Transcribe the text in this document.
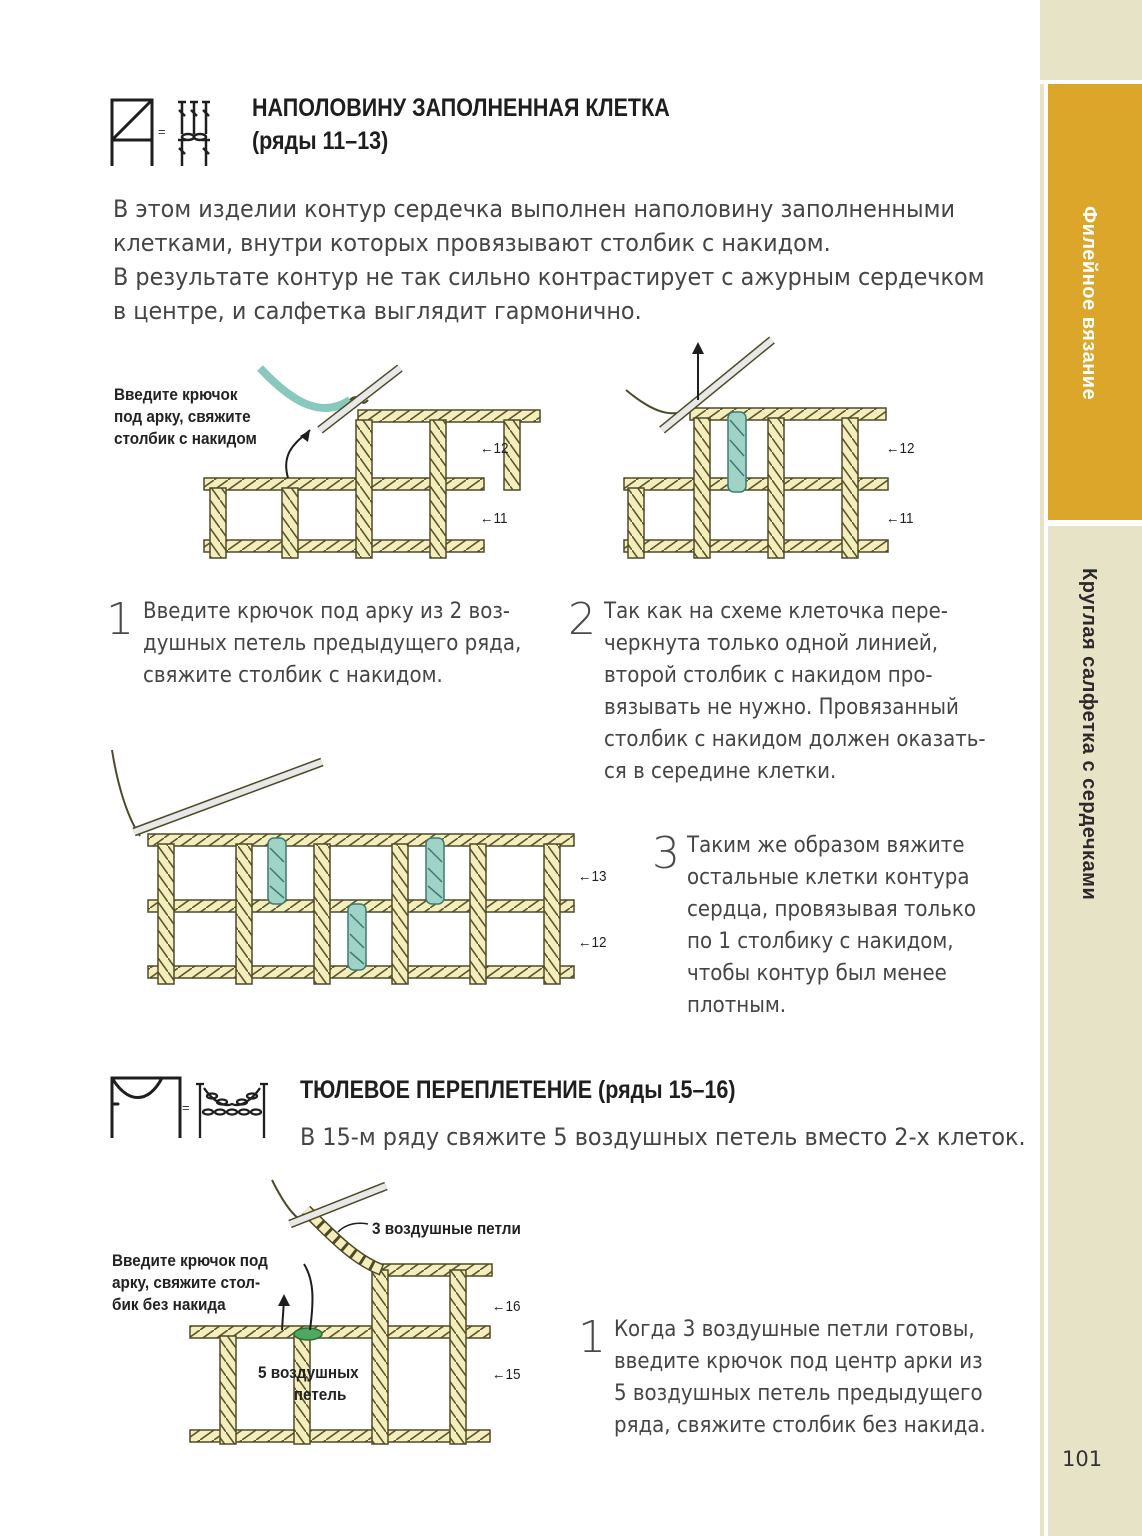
Филейное вязание
Круглая салфетка с сердечками
101
=
НАПОЛОВИНУ ЗАПОЛНЕННАЯ КЛЕТКА
(ряды 11–13)
В этом изделии контур сердечка выполнен наполовину заполненными
клетками, внутри которых провязывают столбик с накидом.
В результате контур не так сильно контрастирует с ажурным сердечком
в центре, и салфетка выглядит гармонично.
Введите крючок
под арку, свяжите
столбик с накидом
←12
←11
←12
←11
1 Введите крючок под арку из 2 воз-
душных петель предыдущего ряда,
свяжите столбик с накидом.
2 Так как на схеме клеточка пере-
черкнута только одной линией,
второй столбик с накидом про-
вязывать не нужно. Провязанный
столбик с накидом должен оказать-
ся в середине клетки.
←13
←12
3 Таким же образом вяжите
остальные клетки контура
сердца, провязывая только
по 1 столбику с накидом,
чтобы контур был менее
плотным.
=
ТЮЛЕВОЕ ПЕРЕПЛЕТЕНИЕ (ряды 15–16)
В 15-м ряду свяжите 5 воздушных петель вместо 2-х клеток.
Введите крючок под
арку, свяжите стол-
бик без накида
3 воздушные петли
5 воздушных
петель
←16
←15
1 Когда 3 воздушные петли готовы,
введите крючок под центр арки из
5 воздушных петель предыдущего
ряда, свяжите столбик без накида.
